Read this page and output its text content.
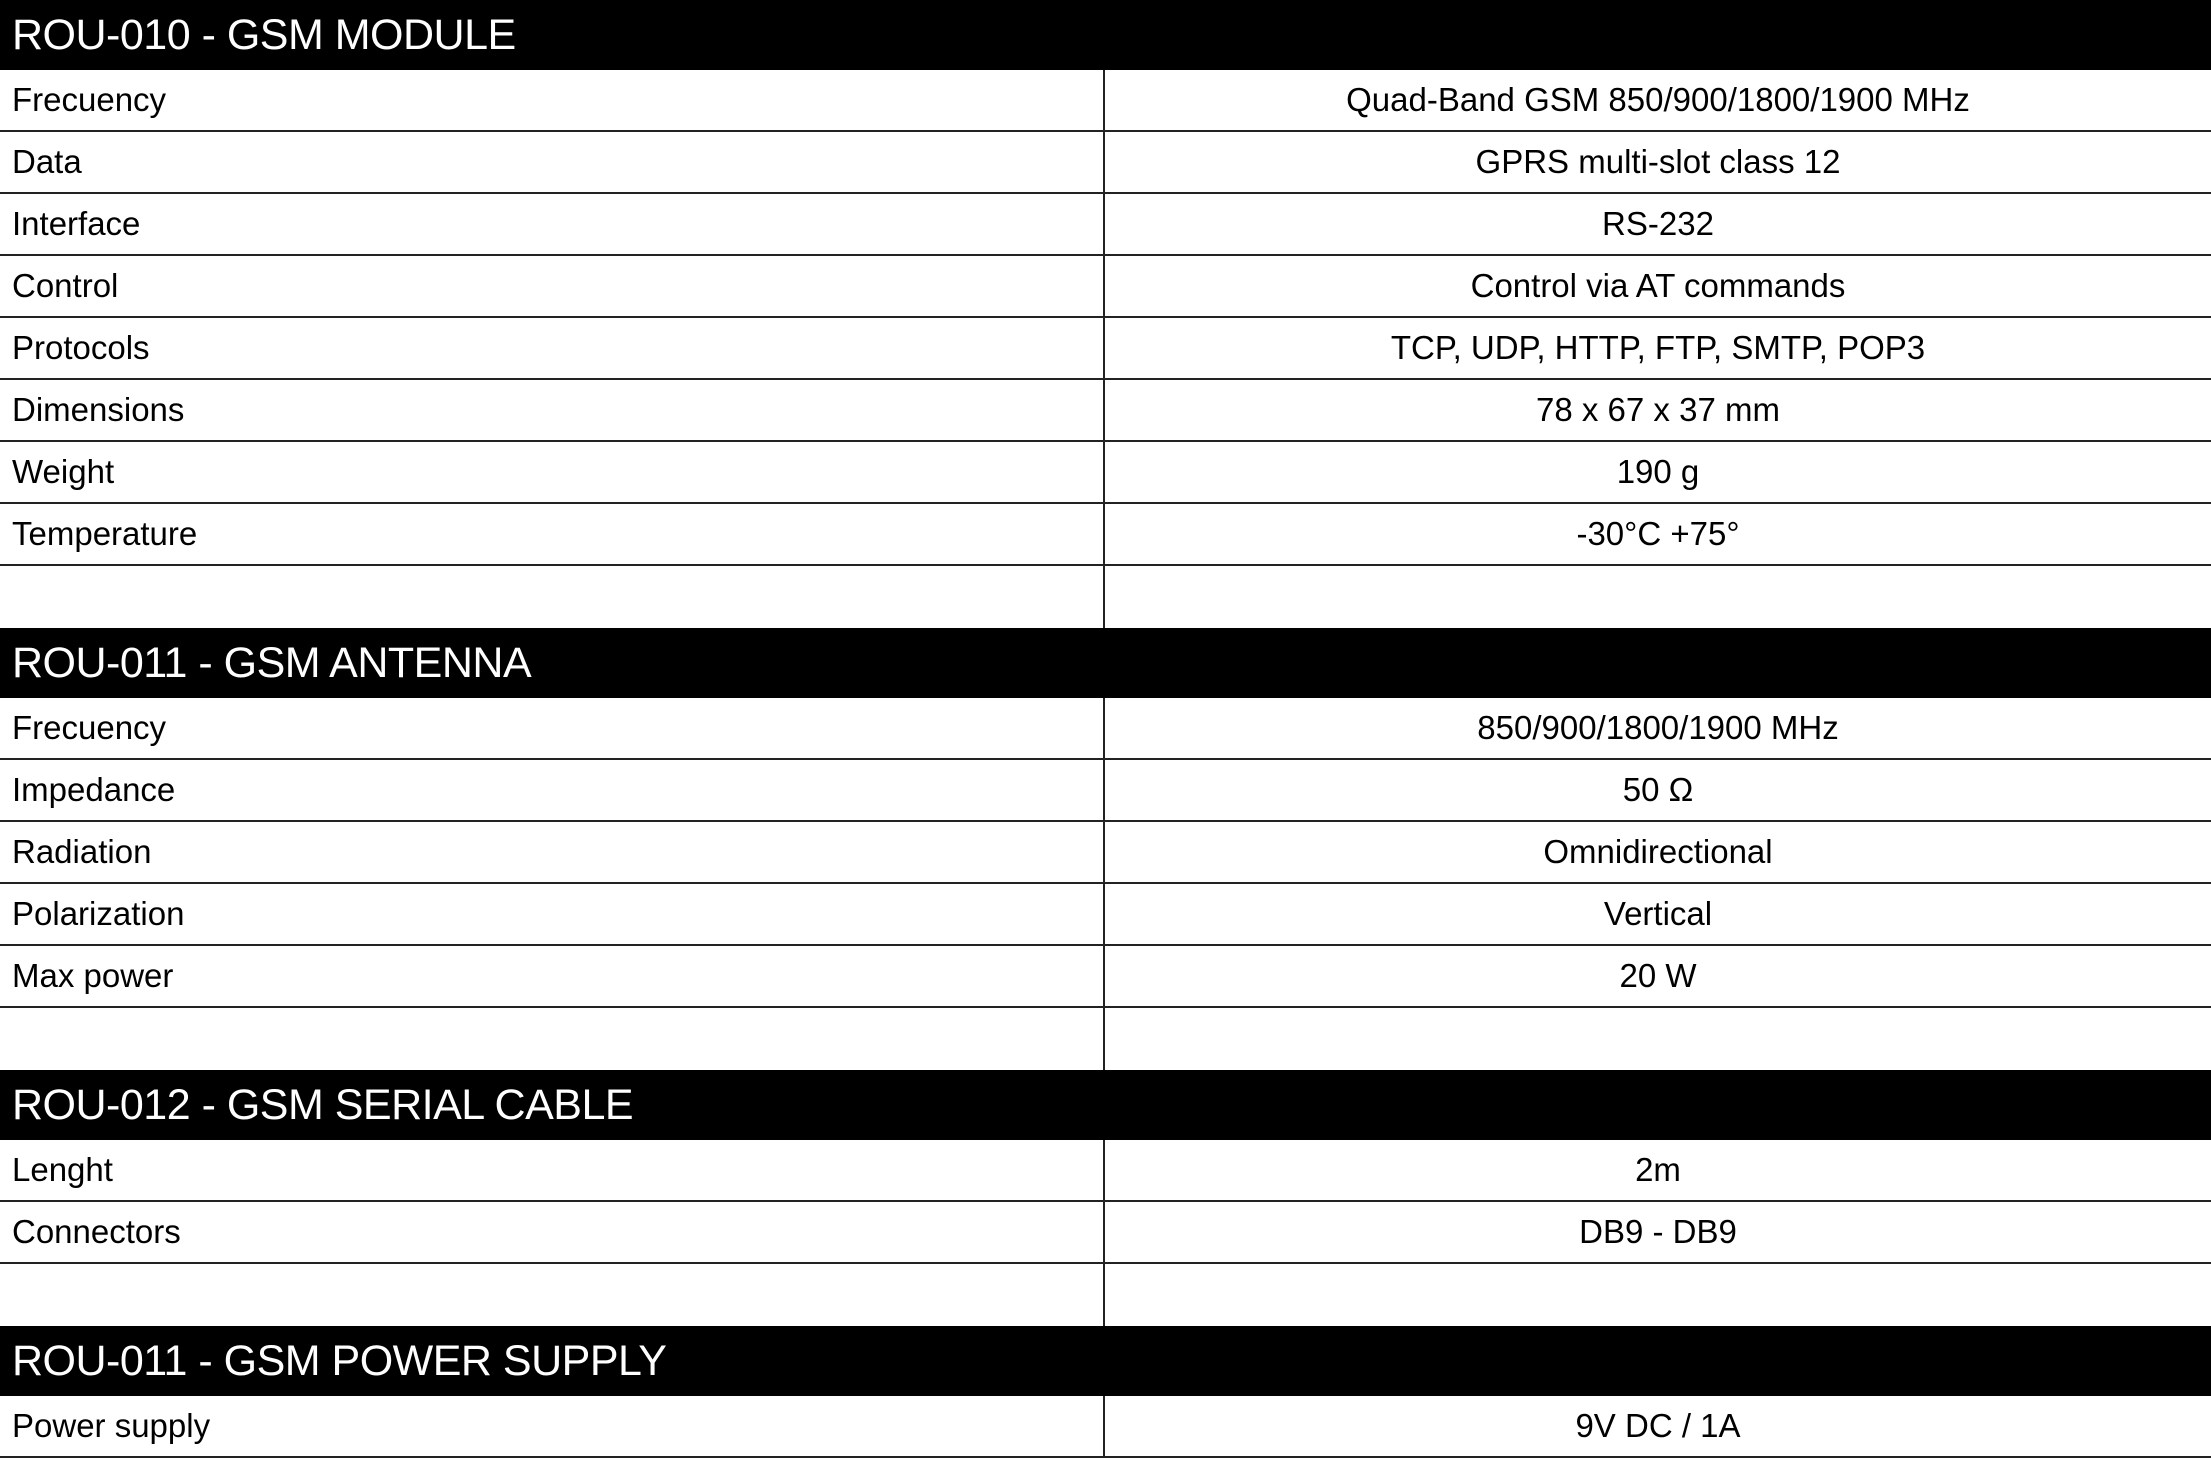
ROU-010 - GSM MODULE
Frecuency	Quad-Band GSM 850/900/1800/1900 MHz
Data	GPRS multi-slot class 12
Interface	RS-232
Control	Control via AT commands
Protocols	TCP, UDP, HTTP, FTP, SMTP, POP3
Dimensions	78 x 67 x 37 mm
Weight	190 g
Temperature	-30°C +75°
ROU-011 - GSM ANTENNA
Frecuency	850/900/1800/1900 MHz
Impedance	50 Ω
Radiation	Omnidirectional
Polarization	Vertical
Max power	20 W
ROU-012 - GSM SERIAL CABLE
Lenght	2m
Connectors	DB9 - DB9
ROU-011 - GSM POWER SUPPLY
Power supply	9V DC / 1A
